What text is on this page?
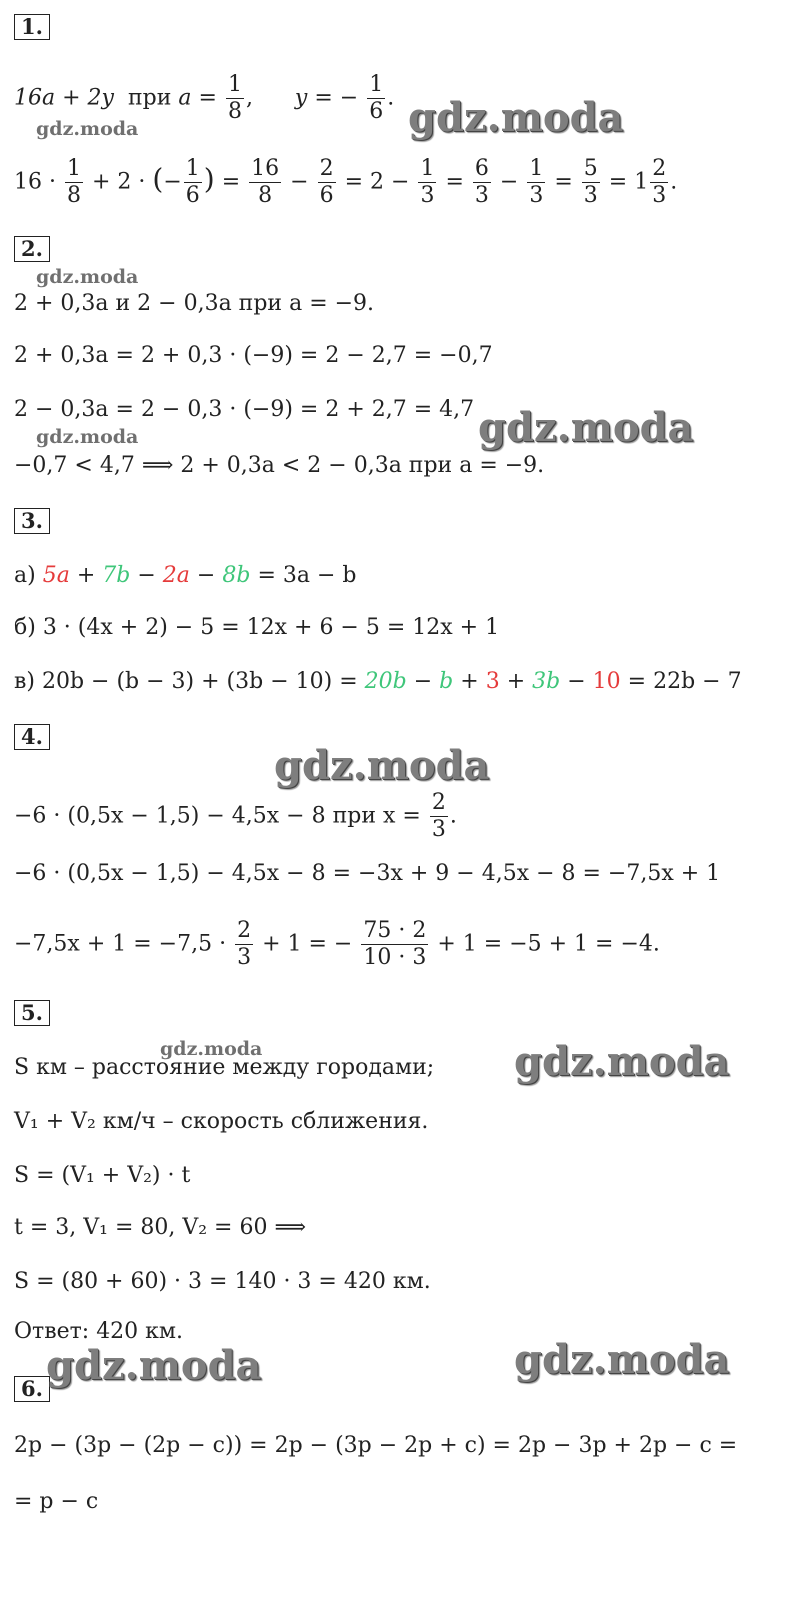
1.
16a + 2y при $a = \frac{1}{8}$ , y = − $\frac{1}{6}$ .
$16 \cdot \frac{1}{8} + 2$ · (− $\frac{1}{6}$ ) = $\frac{16}{8} - \frac{2}{6} = 2 - \frac{1}{3} = \frac{6}{3} - \frac{1}{3} = \frac{5}{3} = 1 \frac{2}{3}$ .
2.
2 + 0,3a и 2 − 0,3a при a = −9.
2 + 0,3a = 2 + 0,3 · (−9) = 2 − 2,7 = −0,7
2 − 0,3a = 2 − 0,3 · (−9) = 2 + 2,7 = 4,7
−0,7 < 4,7 ⟹ 2 + 0,3a < 2 − 0,3a при a = −9.
3.
а) 5a + 7b − 2a − 8b = 3a − b
б) 3 · (4x + 2) − 5 = 12x + 6 − 5 = 12x + 1
в) 20b − (b − 3) + (3b − 10) = 20b − b + 3 + 3b − 10 = 22b − 7
4.
−6 · (0,5x − 1,5) − 4,5x − 8 при $x = \frac{2}{3}$ .
−6 · (0,5x − 1,5) − 4,5x − 8 = −3x + 9 − 4,5x − 8 = −7,5x + 1
$-7,5x + 1 = -7,5 \cdot \frac{2}{3} + 1$ = − $\frac{75 \cdot 2}{10 \cdot 3} + 1 = -5 + 1 = -4$.
5.
S км – расстояние между городами;
V₁ + V₂ км/ч – скорость сближения.
S = (V₁ + V₂) · t
t = 3, V₁ = 80, V₂ = 60 ⟹
S = (80 + 60) · 3 = 140 · 3 = 420 км.
Ответ: 420 км.
6.
2p − (3p − (2p − c)) = 2p − (3p − 2p + c) = 2p − 3p + 2p − c =
= p − c
gdz.moda
gdz.moda
gdz.moda
gdz.moda
gdz.moda
gdz.moda
gdz.moda	gdz.moda
gdz.moda	gdz.moda
